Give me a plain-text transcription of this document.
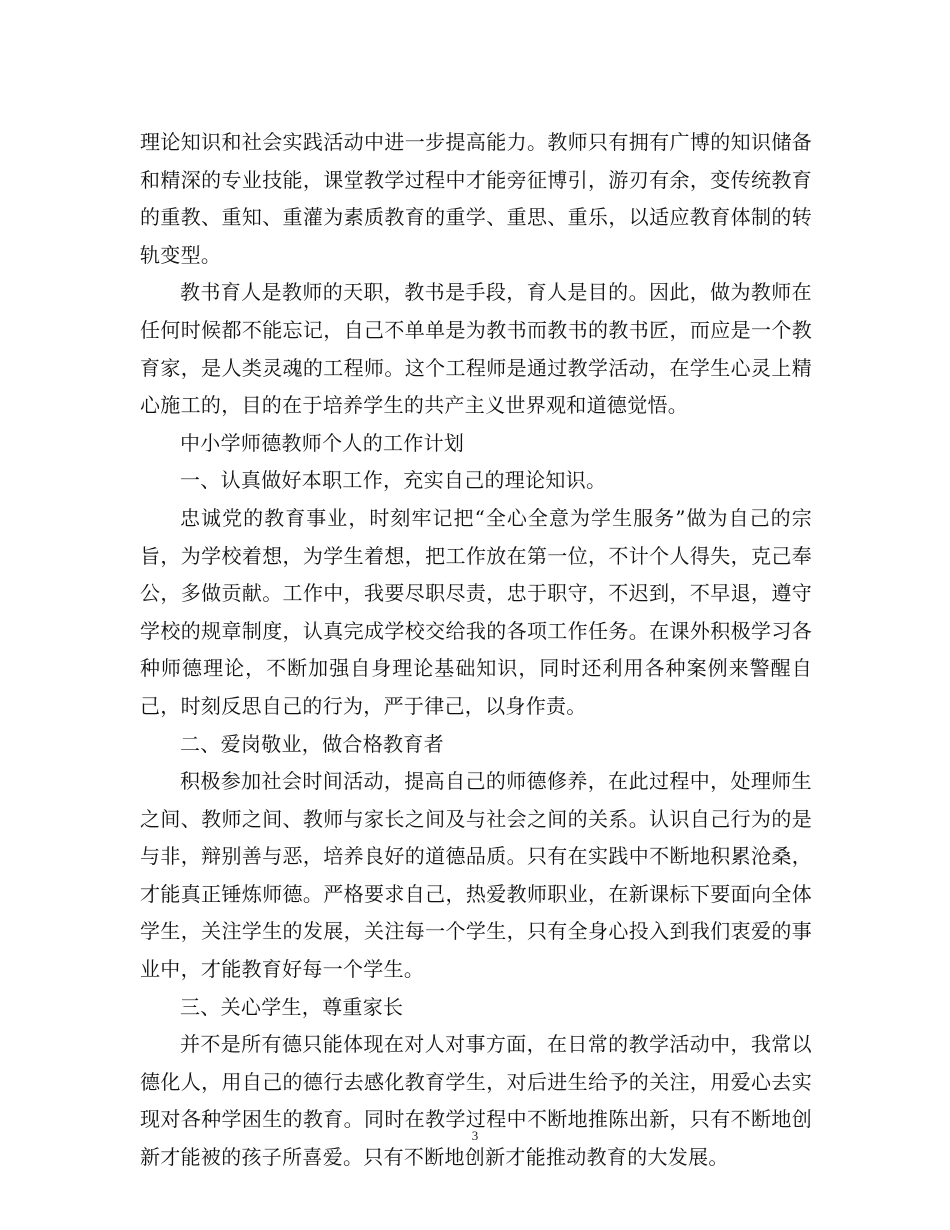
理论知识和社会实践活动中进一步提高能力。教师只有拥有广博的知识储备和精深的专业技能，课堂教学过程中才能旁征博引，游刃有余，变传统教育的重教、重知、重灌为素质教育的重学、重思、重乐，以适应教育体制的转轨变型。

教书育人是教师的天职，教书是手段，育人是目的。因此，做为教师在任何时候都不能忘记，自己不单单是为教书而教书的教书匠，而应是一个教育家，是人类灵魂的工程师。这个工程师是通过教学活动，在学生心灵上精心施工的，目的在于培养学生的共产主义世界观和道德觉悟。

中小学师德教师个人的工作计划

一、认真做好本职工作，充实自己的理论知识。

忠诚党的教育事业，时刻牢记把“全心全意为学生服务”做为自己的宗旨，为学校着想，为学生着想，把工作放在第一位，不计个人得失，克己奉公，多做贡献。工作中，我要尽职尽责，忠于职守，不迟到，不早退，遵守学校的规章制度，认真完成学校交给我的各项工作任务。在课外积极学习各种师德理论，不断加强自身理论基础知识，同时还利用各种案例来警醒自己，时刻反思自己的行为，严于律己，以身作责。

二、爱岗敬业，做合格教育者

积极参加社会时间活动，提高自己的师德修养，在此过程中，处理师生之间、教师之间、教师与家长之间及与社会之间的关系。认识自己行为的是与非，辩别善与恶，培养良好的道德品质。只有在实践中不断地积累沧桑，才能真正锤炼师德。严格要求自己，热爱教师职业，在新课标下要面向全体学生，关注学生的发展，关注每一个学生，只有全身心投入到我们衷爱的事业中，才能教育好每一个学生。

三、关心学生，尊重家长

并不是所有德只能体现在对人对事方面，在日常的教学活动中，我常以德化人，用自己的德行去感化教育学生，对后进生给予的关注，用爱心去实现对各种学困生的教育。同时在教学过程中不断地推陈出新，只有不断地创新才能被的孩子所喜爱。只有不断地创新才能推动教育的大发展。

3
